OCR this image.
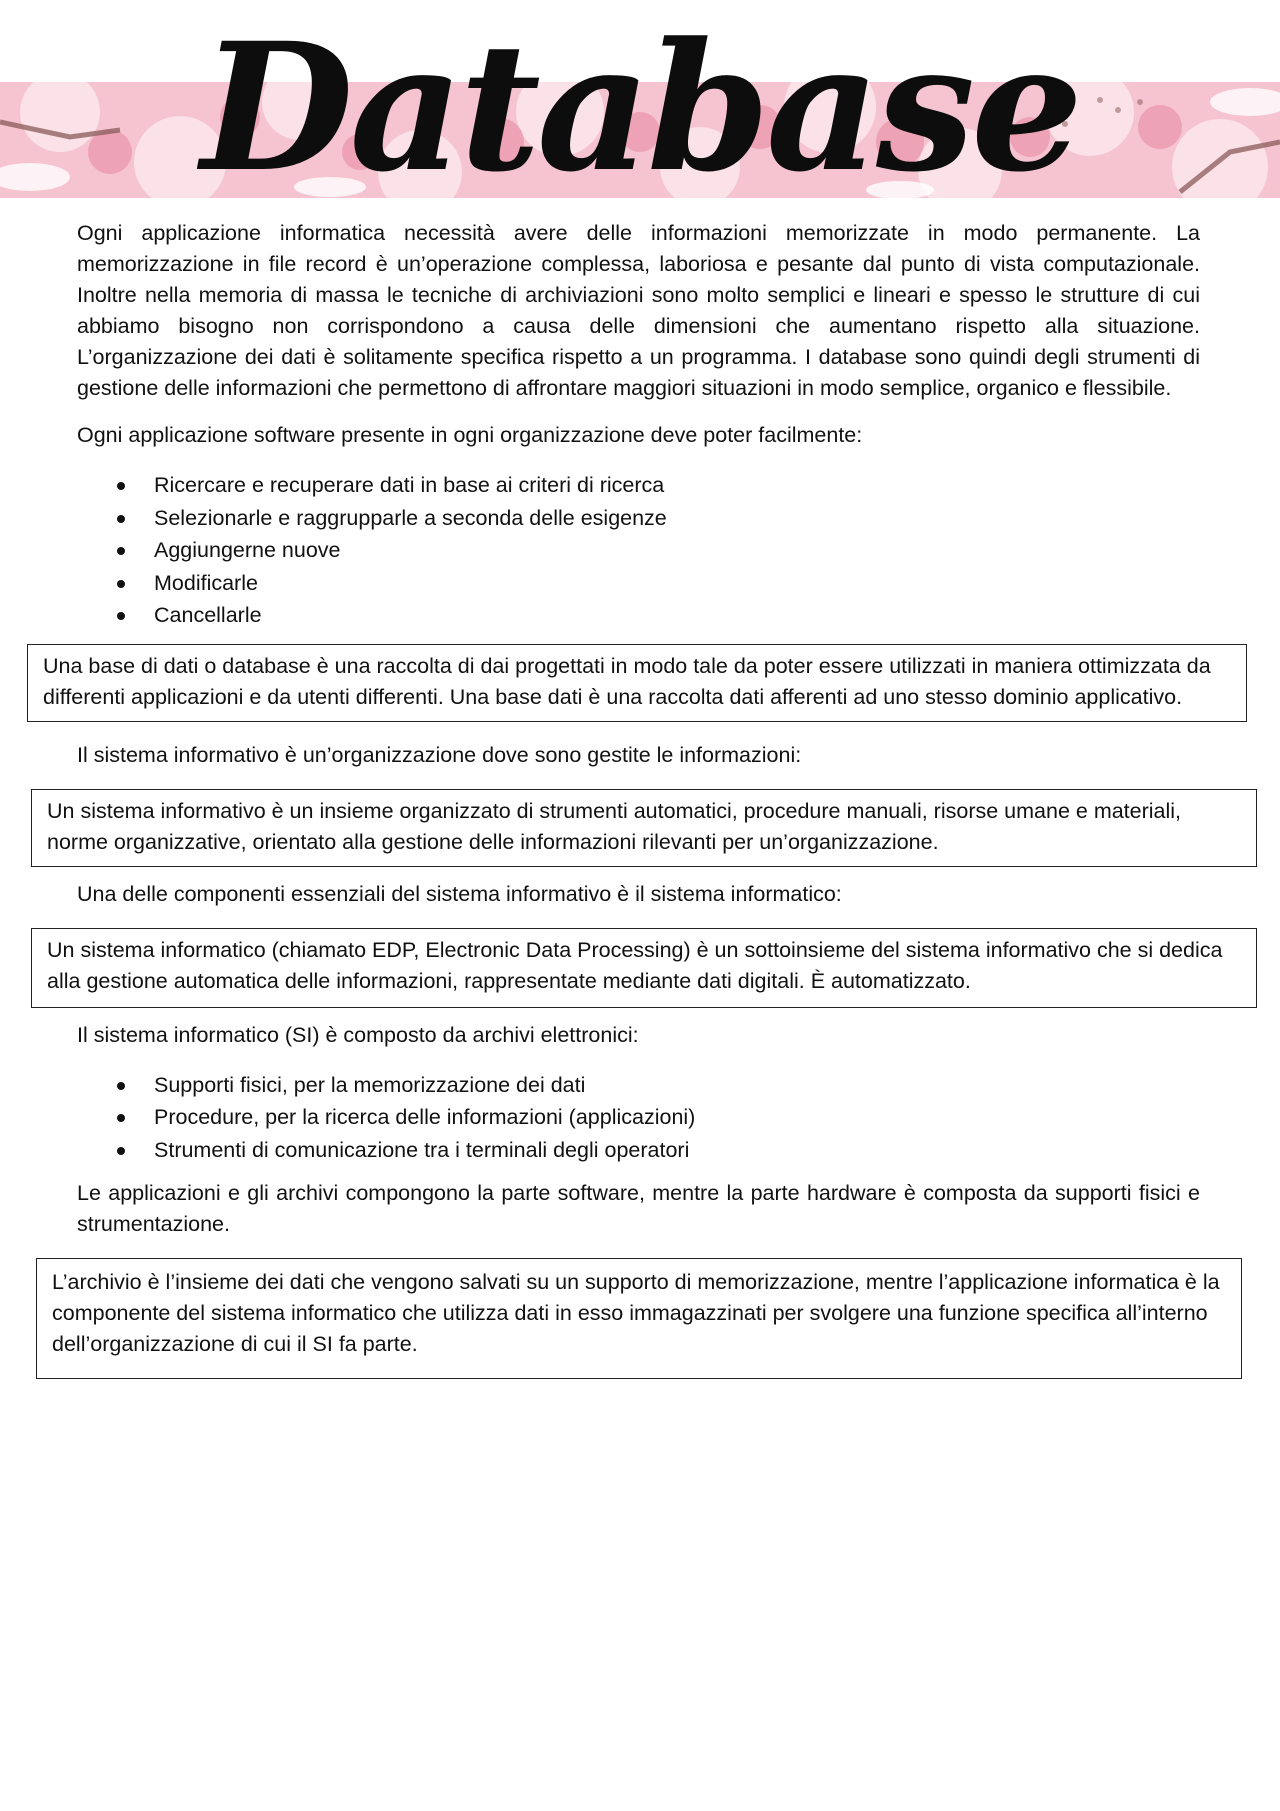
Database

Ogni applicazione informatica necessità avere delle informazioni memorizzate in modo permanente. La memorizzazione in file record è un’operazione complessa, laboriosa e pesante dal punto di vista computazionale. Inoltre nella memoria di massa le tecniche di archiviazioni sono molto semplici e lineari e spesso le strutture di cui abbiamo bisogno non corrispondono a causa delle dimensioni che aumentano rispetto alla situazione. L’organizzazione dei dati è solitamente specifica rispetto a un programma. I database sono quindi degli strumenti di gestione delle informazioni che permettono di affrontare maggiori situazioni in modo semplice, organico e flessibile.

Ogni applicazione software presente in ogni organizzazione deve poter facilmente:

Ricercare e recuperare dati in base ai criteri di ricerca
Selezionarle e raggrupparle a seconda delle esigenze
Aggiungerne nuove
Modificarle
Cancellarle
Una base di dati o database è una raccolta di dai progettati in modo tale da poter essere utilizzati in maniera ottimizzata da differenti applicazioni e da utenti differenti. Una base dati è una raccolta dati afferenti ad uno stesso dominio applicativo.

Il sistema informativo è un’organizzazione dove sono gestite le informazioni:

Un sistema informativo è un insieme organizzato di strumenti automatici, procedure manuali, risorse umane e materiali, norme organizzative, orientato alla gestione delle informazioni rilevanti per un’organizzazione.

Una delle componenti essenziali del sistema informativo è il sistema informatico:

Un sistema informatico (chiamato EDP, Electronic Data Processing) è un sottoinsieme del sistema informativo che si dedica alla gestione automatica delle informazioni, rappresentate mediante dati digitali. È automatizzato.

Il sistema informatico (SI) è composto da archivi elettronici:

Supporti fisici, per la memorizzazione dei dati
Procedure, per la ricerca delle informazioni (applicazioni)
Strumenti di comunicazione tra i terminali degli operatori

Le applicazioni e gli archivi compongono la parte software, mentre la parte hardware è composta da supporti fisici e strumentazione.

L’archivio è l’insieme dei dati che vengono salvati su un supporto di memorizzazione, mentre l’applicazione informatica è la componente del sistema informatico che utilizza dati in esso immagazzinati per svolgere una funzione specifica all’interno dell’organizzazione di cui il SI fa parte.
